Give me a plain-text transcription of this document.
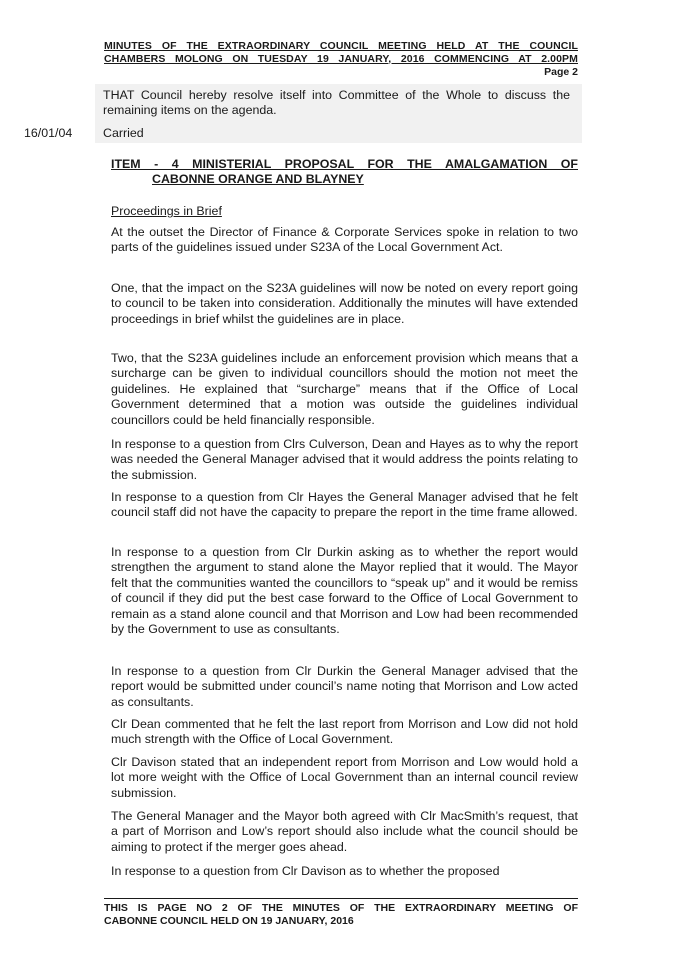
MINUTES OF THE EXTRAORDINARY COUNCIL MEETING HELD AT THE COUNCIL
CHAMBERS MOLONG ON TUESDAY 19 JANUARY, 2016 COMMENCING AT 2.00PM
Page 2
THAT Council hereby resolve itself into Committee of the Whole to discuss the remaining items on the agenda.
16/01/04 Carried
ITEM - 4 MINISTERIAL PROPOSAL FOR THE AMALGAMATION OF
CABONNE ORANGE AND BLAYNEY
Proceedings in Brief
At the outset the Director of Finance & Corporate Services spoke in relation to two parts of the guidelines issued under S23A of the Local Government Act.
One, that the impact on the S23A guidelines will now be noted on every report going to council to be taken into consideration. Additionally the minutes will have extended proceedings in brief whilst the guidelines are in place.
Two, that the S23A guidelines include an enforcement provision which means that a surcharge can be given to individual councillors should the motion not meet the guidelines. He explained that “surcharge” means that if the Office of Local Government determined that a motion was outside the guidelines individual councillors could be held financially responsible.
In response to a question from Clrs Culverson, Dean and Hayes as to why the report was needed the General Manager advised that it would address the points relating to the submission.
In response to a question from Clr Hayes the General Manager advised that he felt council staff did not have the capacity to prepare the report in the time frame allowed.
In response to a question from Clr Durkin asking as to whether the report would strengthen the argument to stand alone the Mayor replied that it would. The Mayor felt that the communities wanted the councillors to “speak up” and it would be remiss of council if they did put the best case forward to the Office of Local Government to remain as a stand alone council and that Morrison and Low had been recommended by the Government to use as consultants.
In response to a question from Clr Durkin the General Manager advised that the report would be submitted under council’s name noting that Morrison and Low acted as consultants.
Clr Dean commented that he felt the last report from Morrison and Low did not hold much strength with the Office of Local Government.
Clr Davison stated that an independent report from Morrison and Low would hold a lot more weight with the Office of Local Government than an internal council review submission.
The General Manager and the Mayor both agreed with Clr MacSmith’s request, that a part of Morrison and Low’s report should also include what the council should be aiming to protect if the merger goes ahead.
In response to a question from Clr Davison as to whether the proposed
THIS IS PAGE NO 2 OF THE MINUTES OF THE EXTRAORDINARY MEETING OF
CABONNE COUNCIL HELD ON 19 JANUARY, 2016
